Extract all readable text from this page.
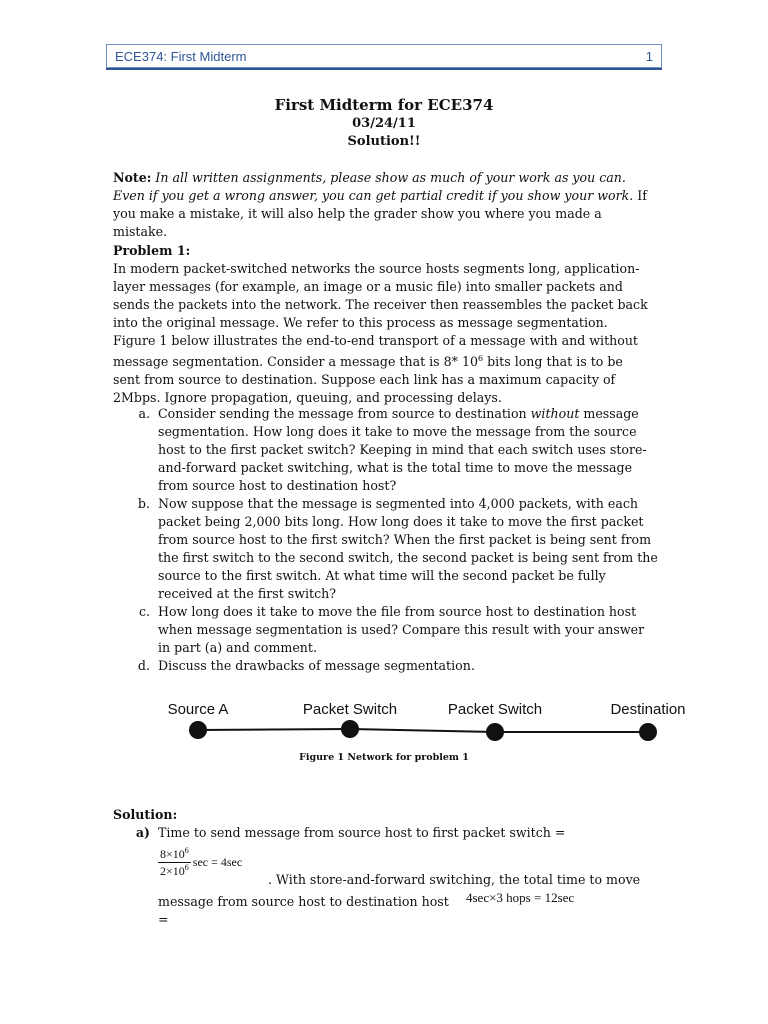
ECE374: First Midterm	1
First Midterm for ECE374
03/24/11
Solution!!
Note: In all written assignments, please show as much of your work as you can. Even if you get a wrong answer, you can get partial credit if you show your work. If you make a mistake, it will also help the grader show you where you made a mistake.
Problem 1:
In modern packet-switched networks the source hosts segments long, application-layer messages (for example, an image or a music file) into smaller packets and sends the packets into the network. The receiver then reassembles the packet back into the original message. We refer to this process as message segmentation. Figure 1 below illustrates the end-to-end transport of a message with and without message segmentation. Consider a message that is 8* $10^6$ bits long that is to be sent from source to destination. Suppose each link has a maximum capacity of 2Mbps. Ignore propagation, queuing, and processing delays.
a. Consider sending the message from source to destination without message segmentation. How long does it take to move the message from the source host to the first packet switch? Keeping in mind that each switch uses store-and-forward packet switching, what is the total time to move the message from source host to destination host?
b. Now suppose that the message is segmented into 4,000 packets, with each packet being 2,000 bits long. How long does it take to move the first packet from source host to the first switch? When the first packet is being sent from the first switch to the second switch, the second packet is being sent from the source to the first switch. At what time will the second packet be fully received at the first switch?
c. How long does it take to move the file from source host to destination host when message segmentation is used? Compare this result with your answer in part (a) and comment.
d. Discuss the drawbacks of message segmentation.
Source A	Packet Switch	Packet Switch	Destination
Figure 1 Network for problem 1
Solution:
a) Time to send message from source host to first packet switch =
$\frac{8\times 10^6}{2\times 10^6}$ sec = 4sec
. With store-and-forward switching, the total time to move
message from source host to destination host =
4sec×3 hops = 12sec
